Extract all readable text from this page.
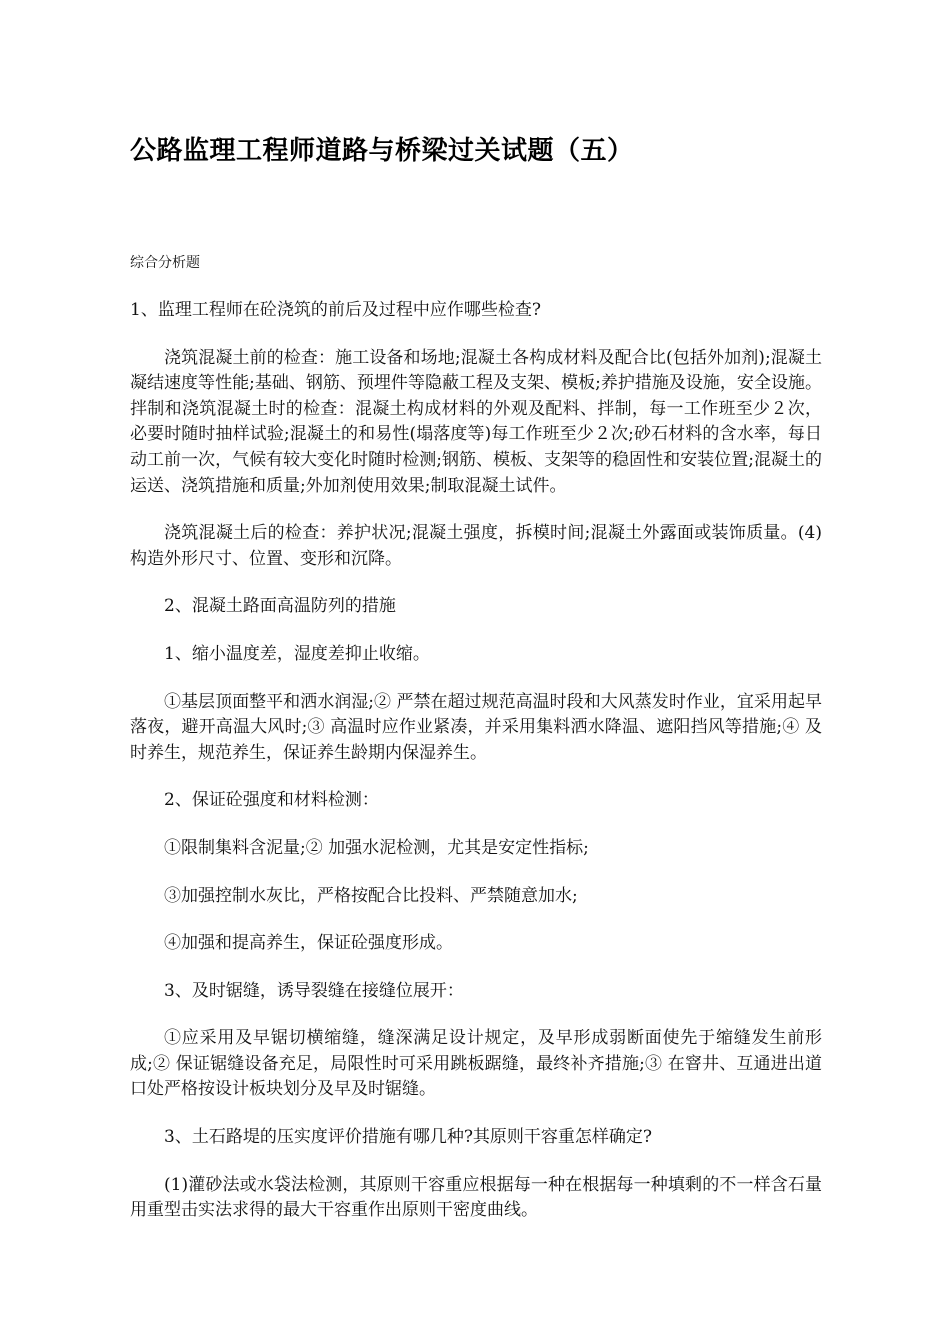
公路监理工程师道路与桥梁过关试题（五）
综合分析题

1、监理工程师在砼浇筑的前后及过程中应作哪些检查?

浇筑混凝土前的检查：施工设备和场地;混凝土各构成材料及配合比(包括外加剂);混凝土凝结速度等性能;基础、钢筋、预埋件等隐蔽工程及支架、模板;养护措施及设施，安全设施。拌制和浇筑混凝土时的检查：混凝土构成材料的外观及配料、拌制，每一工作班至少２次，必要时随时抽样试验;混凝土的和易性(塌落度等)每工作班至少２次;砂石材料的含水率，每日动工前一次，气候有较大变化时随时检测;钢筋、模板、支架等的稳固性和安装位置;混凝土的运送、浇筑措施和质量;外加剂使用效果;制取混凝土试件。

浇筑混凝土后的检查：养护状况;混凝土强度，拆模时间;混凝土外露面或装饰质量。(4)构造外形尺寸、位置、变形和沉降。

2、混凝土路面高温防列的措施

1、缩小温度差，湿度差抑止收缩。

①基层顶面整平和洒水润湿;② 严禁在超过规范高温时段和大风蒸发时作业，宜采用起早落夜，避开高温大风时;③ 高温时应作业紧凑，并采用集料洒水降温、遮阳挡风等措施;④ 及时养生，规范养生，保证养生龄期内保湿养生。

2、保证砼强度和材料检测：

①限制集料含泥量;② 加强水泥检测，尤其是安定性指标;

③加强控制水灰比，严格按配合比投料、严禁随意加水;

④加强和提高养生，保证砼强度形成。

3、及时锯缝，诱导裂缝在接缝位展开：

①应采用及早锯切横缩缝，缝深满足设计规定，及早形成弱断面使先于缩缝发生前形成;② 保证锯缝设备充足，局限性时可采用跳板踞缝，最终补齐措施;③ 在窨井、互通进出道口处严格按设计板块划分及早及时锯缝。

3、土石路堤的压实度评价措施有哪几种?其原则干容重怎样确定?

(1)灌砂法或水袋法检测，其原则干容重应根据每一种在根据每一种填剩的不一样含石量用重型击实法求得的最大干容重作出原则干密度曲线。
